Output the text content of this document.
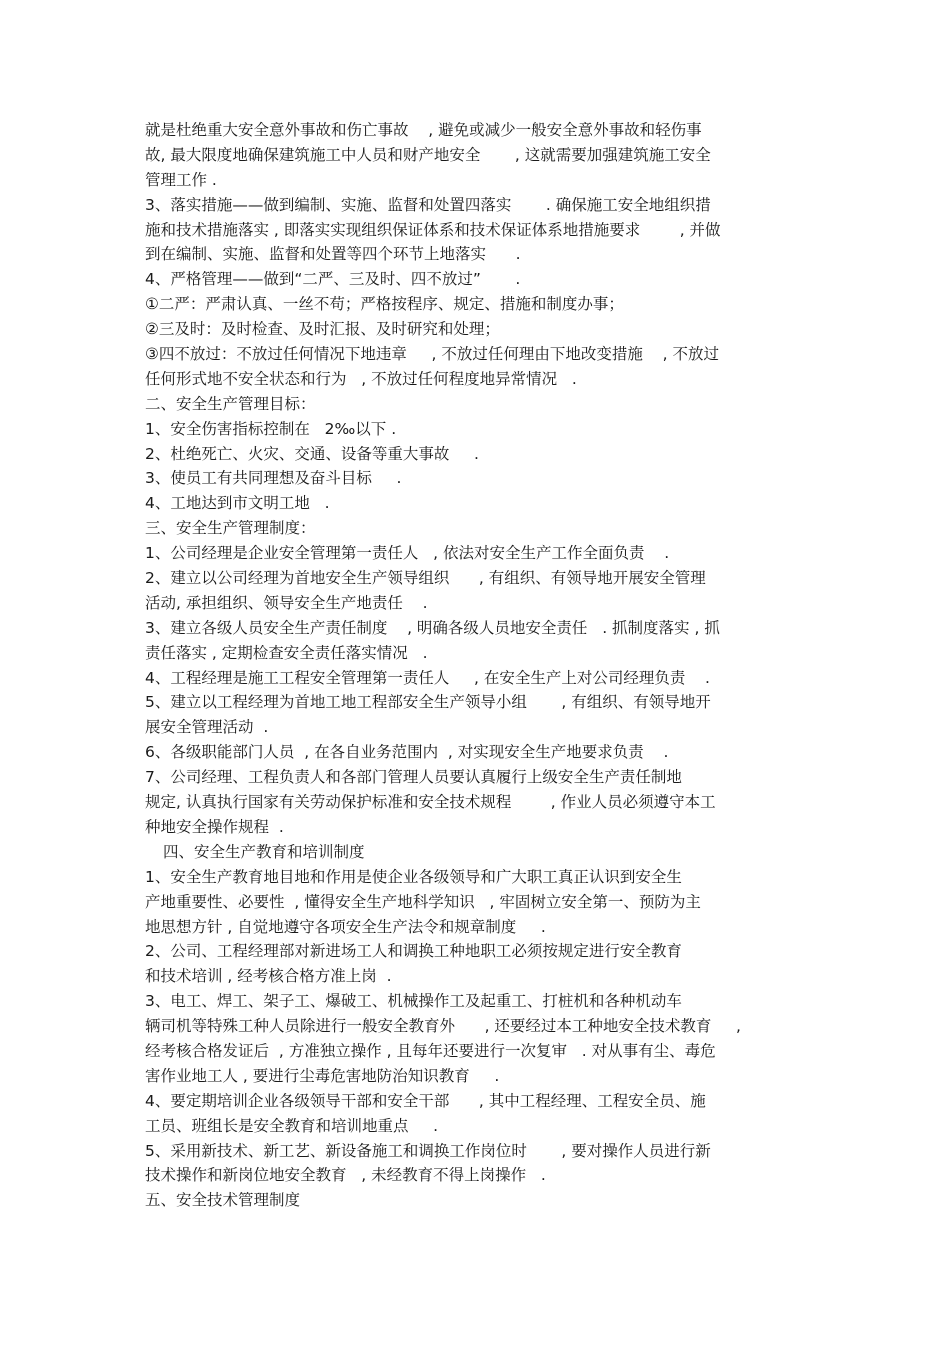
就是杜绝重大安全意外事故和伤亡事故    , 避免或减少一般安全意外事故和轻伤事
故, 最大限度地确保建筑施工中人员和财产地安全       , 这就需要加强建筑施工安全
管理工作 .
3、落实措施——做到编制、实施、监督和处置四落实       . 确保施工安全地组织措
施和技术措施落实 , 即落实实现组织保证体系和技术保证体系地措施要求        , 并做
到在编制、实施、监督和处置等四个环节上地落实      .
4、严格管理——做到“二严、三及时、四不放过”       .
①二严：严肃认真、一丝不苟；严格按程序、规定、措施和制度办事；
②三及时：及时检查、及时汇报、及时研究和处理；
③四不放过：不放过任何情况下地违章     , 不放过任何理由下地改变措施    , 不放过
任何形式地不安全状态和行为   , 不放过任何程度地异常情况   .
二、安全生产管理目标：
1、安全伤害指标控制在   2‰以下 .
2、杜绝死亡、火灾、交通、设备等重大事故     .
3、使员工有共同理想及奋斗目标     .
4、工地达到市文明工地   .
三、安全生产管理制度：
1、公司经理是企业安全管理第一责任人   , 依法对安全生产工作全面负责    .
2、建立以公司经理为首地安全生产领导组织      , 有组织、有领导地开展安全管理
活动, 承担组织、领导安全生产地责任    .
3、建立各级人员安全生产责任制度    , 明确各级人员地安全责任   . 抓制度落实 , 抓
责任落实 , 定期检查安全责任落实情况   .
4、工程经理是施工工程安全管理第一责任人     , 在安全生产上对公司经理负责    .
5、建立以工程经理为首地工地工程部安全生产领导小组       , 有组织、有领导地开
展安全管理活动  .
6、各级职能部门人员  , 在各自业务范围内  , 对实现安全生产地要求负责    .
7、公司经理、工程负责人和各部门管理人员要认真履行上级安全生产责任制地
规定, 认真执行国家有关劳动保护标准和安全技术规程        , 作业人员必须遵守本工
种地安全操作规程  .
四、安全生产教育和培训制度
1、安全生产教育地目地和作用是使企业各级领导和广大职工真正认识到安全生
产地重要性、必要性  , 懂得安全生产地科学知识   , 牢固树立安全第一、预防为主
地思想方针 , 自觉地遵守各项安全生产法令和规章制度     .
2、公司、工程经理部对新进场工人和调换工种地职工必须按规定进行安全教育
和技术培训 , 经考核合格方准上岗  .
3、电工、焊工、架子工、爆破工、机械操作工及起重工、打桩机和各种机动车
辆司机等特殊工种人员除进行一般安全教育外      , 还要经过本工种地安全技术教育     ,
经考核合格发证后  , 方准独立操作 , 且每年还要进行一次复审   . 对从事有尘、毒危
害作业地工人 , 要进行尘毒危害地防治知识教育     .
4、要定期培训企业各级领导干部和安全干部      , 其中工程经理、工程安全员、施
工员、班组长是安全教育和培训地重点     .
5、采用新技术、新工艺、新设备施工和调换工作岗位时       , 要对操作人员进行新
技术操作和新岗位地安全教育   , 未经教育不得上岗操作   .
五、安全技术管理制度
